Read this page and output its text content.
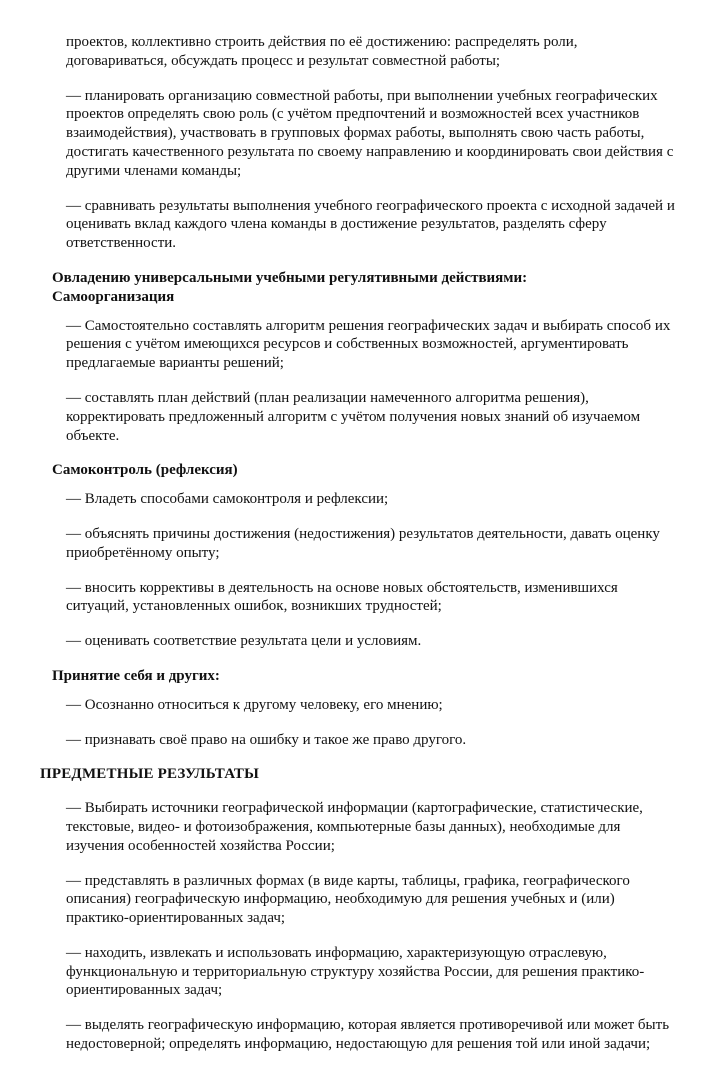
проектов, коллективно строить действия по её достижению: распределять роли, договариваться, обсуждать процесс и результат совместной работы;

— планировать организацию совместной работы, при выполнении учебных географических проектов определять свою роль (с учётом предпочтений и возможностей всех участников взаимодействия), участвовать в групповых формах работы, выполнять свою часть работы, достигать качественного результата по своему направлению и координировать свои действия с другими членами команды;

— сравнивать результаты выполнения учебного географического проекта с исходной задачей и оценивать вклад каждого члена команды в достижение результатов, разделять сферу ответственности.

Овладению универсальными учебными регулятивными действиями:

Самоорганизация

— Самостоятельно составлять алгоритм решения географических задач и выбирать способ их решения с учётом имеющихся ресурсов и собственных возможностей, аргументировать предлагаемые варианты решений;

— составлять план действий (план реализации намеченного алгоритма решения), корректировать предложенный алгоритм с учётом получения новых знаний об изучаемом объекте.

Самоконтроль (рефлексия)

— Владеть способами самоконтроля и рефлексии;

— объяснять причины достижения (недостижения) результатов деятельности, давать оценку приобретённому опыту;

— вносить коррективы в деятельность на основе новых обстоятельств, изменившихся ситуаций, установленных ошибок, возникших трудностей;

— оценивать соответствие результата цели и условиям.

Принятие себя и других:

— Осознанно относиться к другому человеку, его мнению;

— признавать своё право на ошибку и такое же право другого.

ПРЕДМЕТНЫЕ РЕЗУЛЬТАТЫ

— Выбирать источники географической информации (картографические, статистические, текстовые, видео- и фотоизображения, компьютерные базы данных), необходимые для изучения особенностей хозяйства России;

— представлять в различных формах (в виде карты, таблицы, графика, географического описания) географическую информацию, необходимую для решения учебных и (или) практико-ориентированных задач;

— находить, извлекать и использовать информацию, характеризующую отраслевую, функциональную и территориальную структуру хозяйства России, для решения практико-ориентированных задач;

— выделять географическую информацию, которая является противоречивой или может быть недостоверной; определять информацию, недостающую для решения той или иной задачи;
